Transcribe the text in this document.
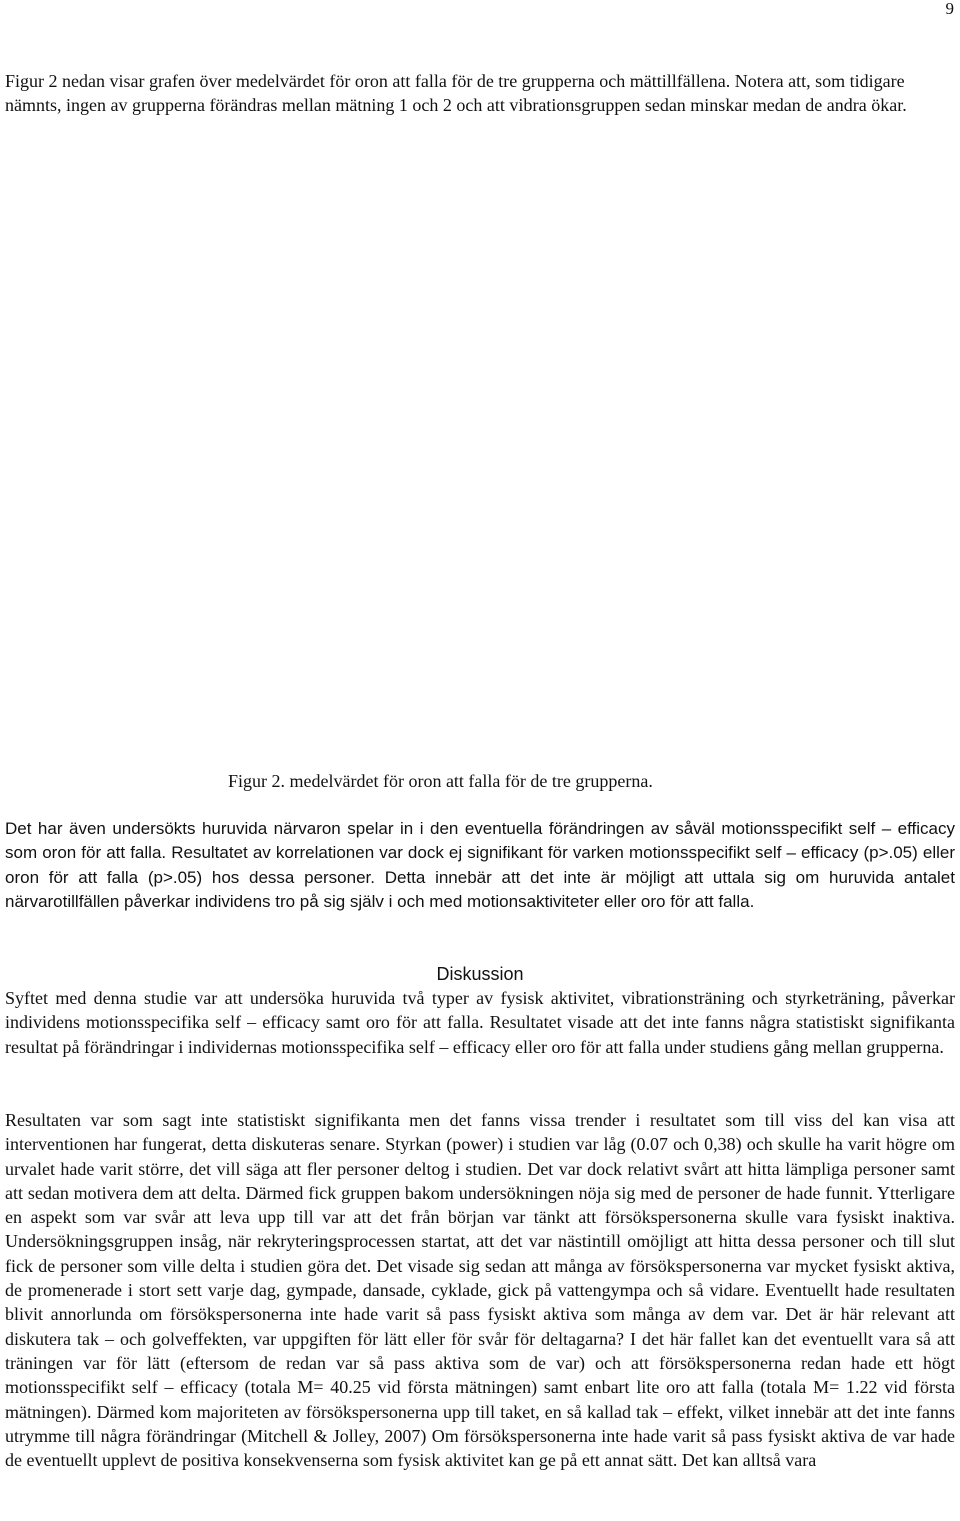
9

Figur 2 nedan visar grafen över medelvärdet för oron att falla för de tre grupperna och mättillfällena. Notera att, som tidigare nämnts, ingen av grupperna förändras mellan mätning 1 och 2 och att vibrationsgruppen sedan minskar medan de andra ökar.

Figur 2. medelvärdet för oron att falla för de tre grupperna.

Det har även undersökts huruvida närvaron spelar in i den eventuella förändringen av såväl motionsspecifikt self – efficacy som oron för att falla. Resultatet av korrelationen var dock ej signifikant för varken motionsspecifikt self – efficacy (p>.05) eller oron för att falla (p>.05) hos dessa personer. Detta innebär att det inte är möjligt att uttala sig om huruvida antalet närvarotillfällen påverkar individens tro på sig själv i och med motionsaktiviteter eller oro för att falla.

Diskussion

Syftet med denna studie var att undersöka huruvida två typer av fysisk aktivitet, vibrationsträning och styrketräning, påverkar individens motionsspecifika self – efficacy samt oro för att falla. Resultatet visade att det inte fanns några statistiskt signifikanta resultat på förändringar i individernas motionsspecifika self – efficacy eller oro för att falla under studiens gång mellan grupperna.

Resultaten var som sagt inte statistiskt signifikanta men det fanns vissa trender i resultatet som till viss del kan visa att interventionen har fungerat, detta diskuteras senare. Styrkan (power) i studien var låg (0.07 och 0,38) och skulle ha varit högre om urvalet hade varit större, det vill säga att fler personer deltog i studien. Det var dock relativt svårt att hitta lämpliga personer samt att sedan motivera dem att delta. Därmed fick gruppen bakom undersökningen nöja sig med de personer de hade funnit. Ytterligare en aspekt som var svår att leva upp till var att det från början var tänkt att försökspersonerna skulle vara fysiskt inaktiva. Undersökningsgruppen insåg, när rekryteringsprocessen startat, att det var nästintill omöjligt att hitta dessa personer och till slut fick de personer som ville delta i studien göra det. Det visade sig sedan att många av försökspersonerna var mycket fysiskt aktiva, de promenerade i stort sett varje dag, gympade, dansade, cyklade, gick på vattengympa och så vidare. Eventuellt hade resultaten blivit annorlunda om försökspersonerna inte hade varit så pass fysiskt aktiva som många av dem var. Det är här relevant att diskutera tak – och golveffekten, var uppgiften för lätt eller för svår för deltagarna? I det här fallet kan det eventuellt vara så att träningen var för lätt (eftersom de redan var så pass aktiva som de var) och att försökspersonerna redan hade ett högt motionsspecifikt self – efficacy (totala M= 40.25 vid första mätningen) samt enbart lite oro att falla (totala M= 1.22 vid första mätningen). Därmed kom majoriteten av försökspersonerna upp till taket, en så kallad tak – effekt, vilket innebär att det inte fanns utrymme till några förändringar (Mitchell & Jolley, 2007) Om försökspersonerna inte hade varit så pass fysiskt aktiva de var hade de eventuellt upplevt de positiva konsekvenserna som fysisk aktivitet kan ge på ett annat sätt. Det kan alltså vara
